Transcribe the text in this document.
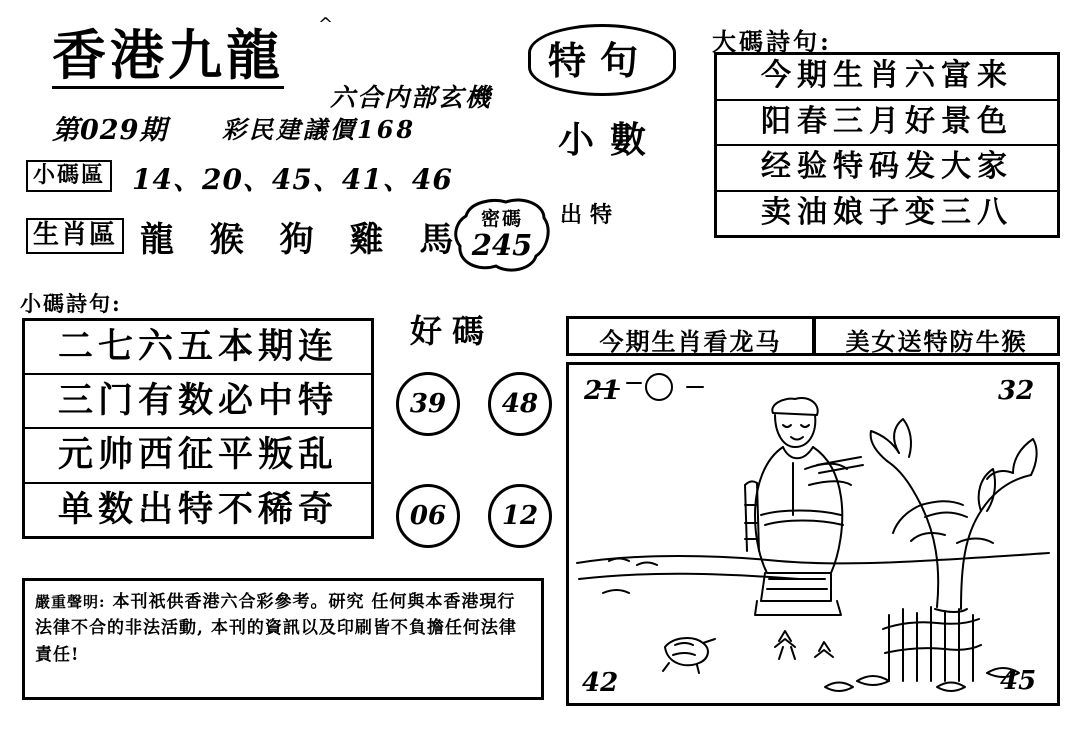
香港九龍 ^
六合内部玄機
第029期 彩民建議價168
小碼區 14、20、45、41、46
生肖區 龍 猴 狗 雞 馬
密碼
245
特句
小數
出特
大碼詩句:
今期生肖六富来
阳春三月好景色
经验特码发大家
卖油娘子变三八
小碼詩句:
二七六五本期连
三门有数必中特
元帅西征平叛乱
单数出特不稀奇
好碼
39	48
06	12
嚴重聲明: 本刊祇供香港六合彩參考。研究 任何與本香港現行法律不合的非法活動, 本刊的資訊以及印刷皆不負擔任何法律責任!
今期生肖看龙马	美女送特防牛猴
21	32
42	45
